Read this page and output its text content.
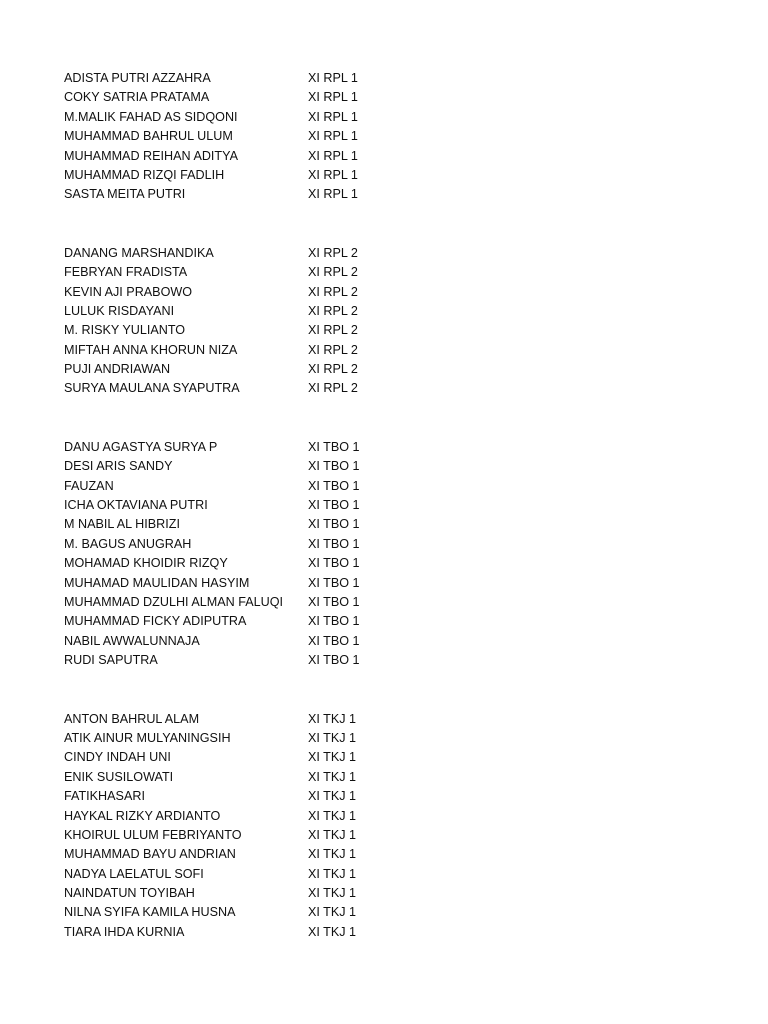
ADISTA PUTRI AZZAHRA	XI RPL 1
COKY SATRIA PRATAMA	XI RPL 1
M.MALIK FAHAD AS SIDQONI	XI RPL 1
MUHAMMAD BAHRUL ULUM	XI RPL 1
MUHAMMAD REIHAN ADITYA	XI RPL 1
MUHAMMAD RIZQI FADLIH	XI RPL 1
SASTA MEITA PUTRI	XI RPL 1
DANANG MARSHANDIKA	XI RPL 2
FEBRYAN FRADISTA	XI RPL 2
KEVIN AJI PRABOWO	XI RPL 2
LULUK RISDAYANI	XI RPL 2
M. RISKY YULIANTO	XI RPL 2
MIFTAH ANNA KHORUN NIZA	XI RPL 2
PUJI ANDRIAWAN	XI RPL 2
SURYA MAULANA SYAPUTRA	XI RPL 2
DANU AGASTYA SURYA P	XI TBO 1
DESI ARIS SANDY	XI TBO 1
FAUZAN	XI TBO 1
ICHA OKTAVIANA PUTRI	XI TBO 1
M NABIL AL HIBRIZI	XI TBO 1
M. BAGUS ANUGRAH	XI TBO 1
MOHAMAD KHOIDIR RIZQY	XI TBO 1
MUHAMAD MAULIDAN HASYIM	XI TBO 1
MUHAMMAD DZULHI ALMAN FALUQI	XI TBO 1
MUHAMMAD FICKY ADIPUTRA	XI TBO 1
NABIL AWWALUNNAJA	XI TBO 1
RUDI SAPUTRA	XI TBO 1
ANTON BAHRUL ALAM	XI TKJ 1
ATIK AINUR MULYANINGSIH	XI TKJ 1
CINDY INDAH UNI	XI TKJ 1
ENIK SUSILOWATI	XI TKJ 1
FATIKHASARI	XI TKJ 1
HAYKAL RIZKY ARDIANTO	XI TKJ 1
KHOIRUL ULUM FEBRIYANTO	XI TKJ 1
MUHAMMAD BAYU ANDRIAN	XI TKJ 1
NADYA LAELATUL SOFI	XI TKJ 1
NAINDATUN TOYIBAH	XI TKJ 1
NILNA SYIFA KAMILA HUSNA	XI TKJ 1
TIARA IHDA KURNIA	XI TKJ 1
